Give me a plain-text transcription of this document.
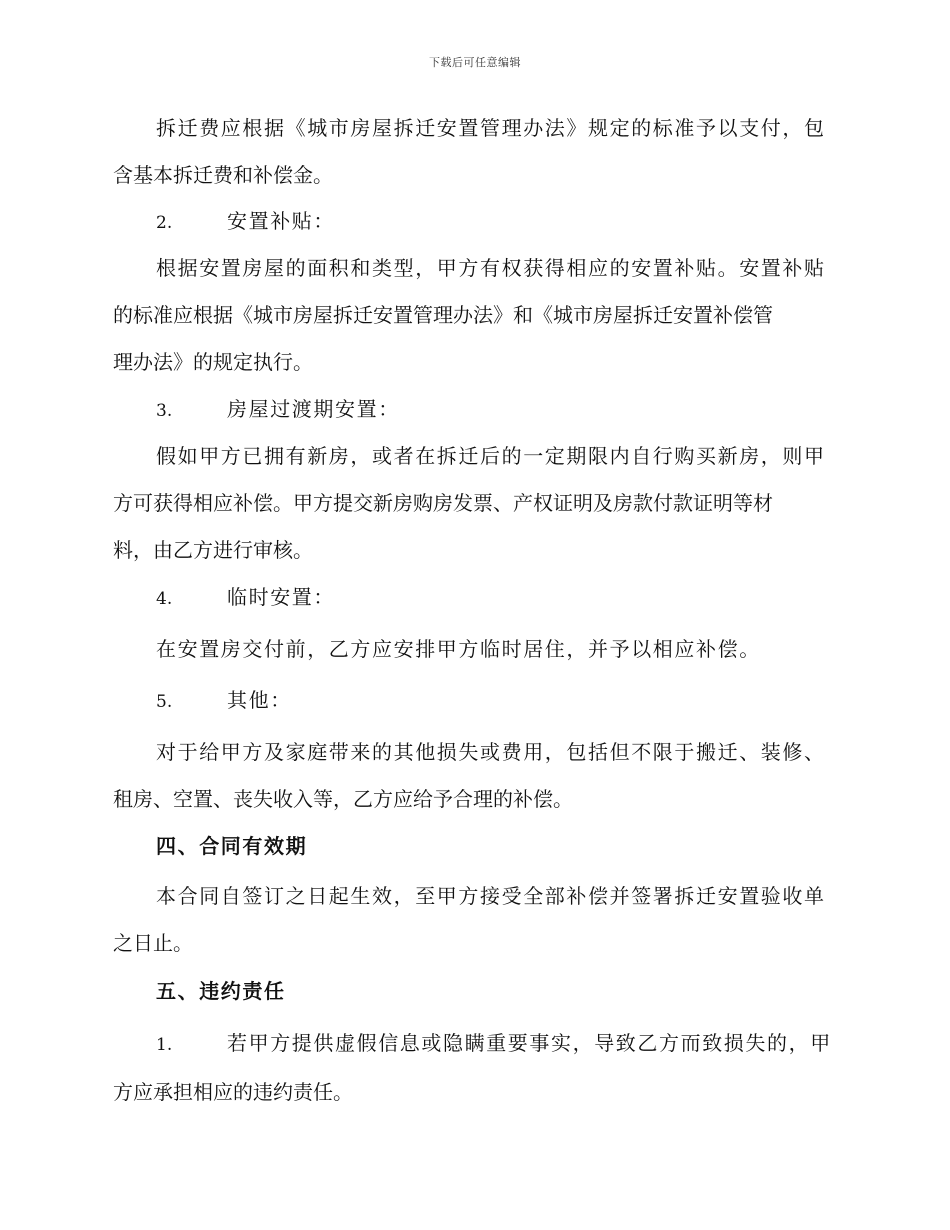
下载后可任意编辑
拆迁费应根据《城市房屋拆迁安置管理办法》规定的标准予以支付，包
含基本拆迁费和补偿金。
2.	安置补贴：
根据安置房屋的面积和类型，甲方有权获得相应的安置补贴。安置补贴
的标准应根据《城市房屋拆迁安置管理办法》和《城市房屋拆迁安置补偿管
理办法》的规定执行。
3.	房屋过渡期安置：
假如甲方已拥有新房，或者在拆迁后的一定期限内自行购买新房，则甲
方可获得相应补偿。甲方提交新房购房发票、产权证明及房款付款证明等材
料，由乙方进行审核。
4.	临时安置：
在安置房交付前，乙方应安排甲方临时居住，并予以相应补偿。
5.	其他：
对于给甲方及家庭带来的其他损失或费用，包括但不限于搬迁、装修、
租房、空置、丧失收入等，乙方应给予合理的补偿。
四、合同有效期
本合同自签订之日起生效，至甲方接受全部补偿并签署拆迁安置验收单
之日止。
五、违约责任
1.	若甲方提供虚假信息或隐瞒重要事实，导致乙方而致损失的，甲
方应承担相应的违约责任。
